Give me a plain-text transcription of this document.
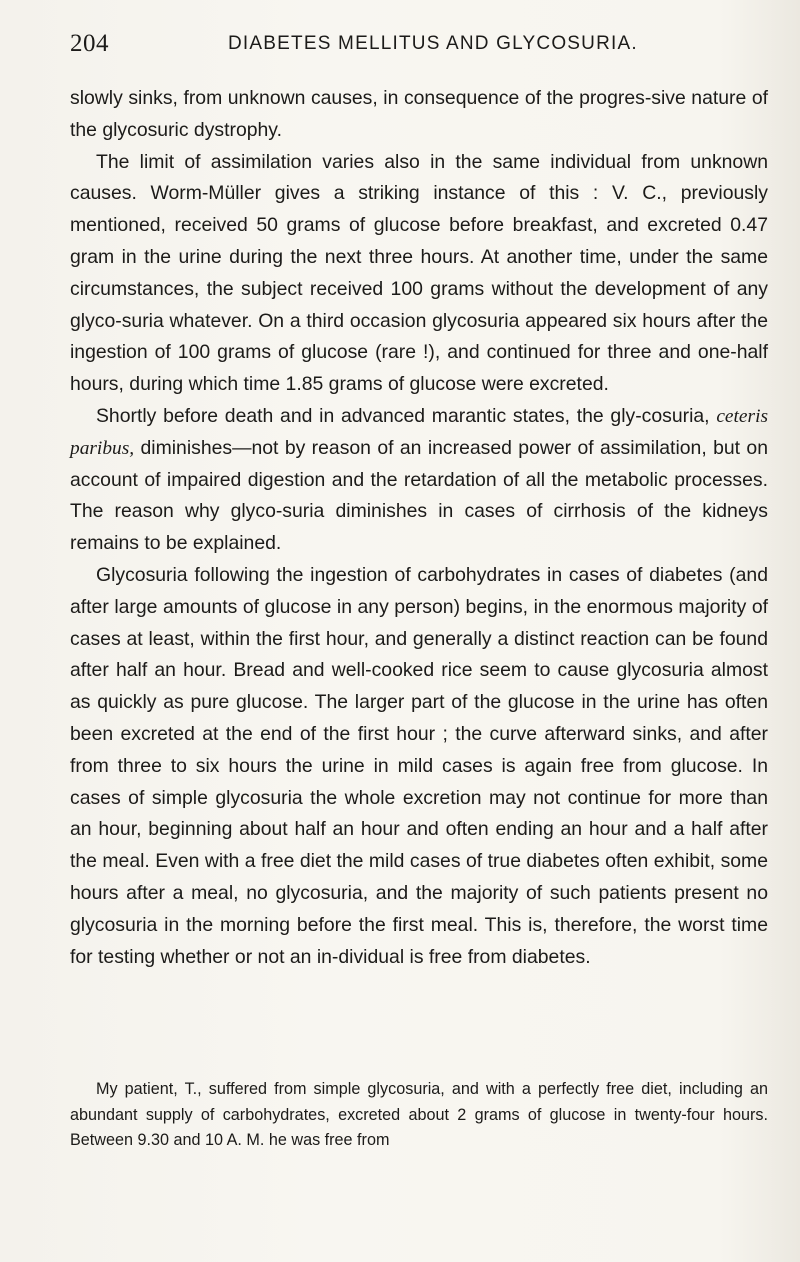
204	DIABETES MELLITUS AND GLYCOSURIA.

slowly sinks, from unknown causes, in consequence of the progres-sive nature of the glycosuric dystrophy.

The limit of assimilation varies also in the same individual from unknown causes. Worm-Müller gives a striking instance of this : V. C., previously mentioned, received 50 grams of glucose before breakfast, and excreted 0.47 gram in the urine during the next three hours. At another time, under the same circumstances, the subject received 100 grams without the development of any glyco-suria whatever. On a third occasion glycosuria appeared six hours after the ingestion of 100 grams of glucose (rare !), and continued for three and one-half hours, during which time 1.85 grams of glucose were excreted.

Shortly before death and in advanced marantic states, the gly-cosuria, ceteris paribus, diminishes—not by reason of an increased power of assimilation, but on account of impaired digestion and the retardation of all the metabolic processes. The reason why glyco-suria diminishes in cases of cirrhosis of the kidneys remains to be explained.

Glycosuria following the ingestion of carbohydrates in cases of diabetes (and after large amounts of glucose in any person) begins, in the enormous majority of cases at least, within the first hour, and generally a distinct reaction can be found after half an hour. Bread and well-cooked rice seem to cause glycosuria almost as quickly as pure glucose. The larger part of the glucose in the urine has often been excreted at the end of the first hour ; the curve afterward sinks, and after from three to six hours the urine in mild cases is again free from glucose. In cases of simple glycosuria the whole excretion may not continue for more than an hour, beginning about half an hour and often ending an hour and a half after the meal. Even with a free diet the mild cases of true diabetes often exhibit, some hours after a meal, no glycosuria, and the majority of such patients present no glycosuria in the morning before the first meal. This is, therefore, the worst time for testing whether or not an in-dividual is free from diabetes.

My patient, T., suffered from simple glycosuria, and with a perfectly free diet, including an abundant supply of carbohydrates, excreted about 2 grams of glucose in twenty-four hours. Between 9.30 and 10 A. M. he was free from
